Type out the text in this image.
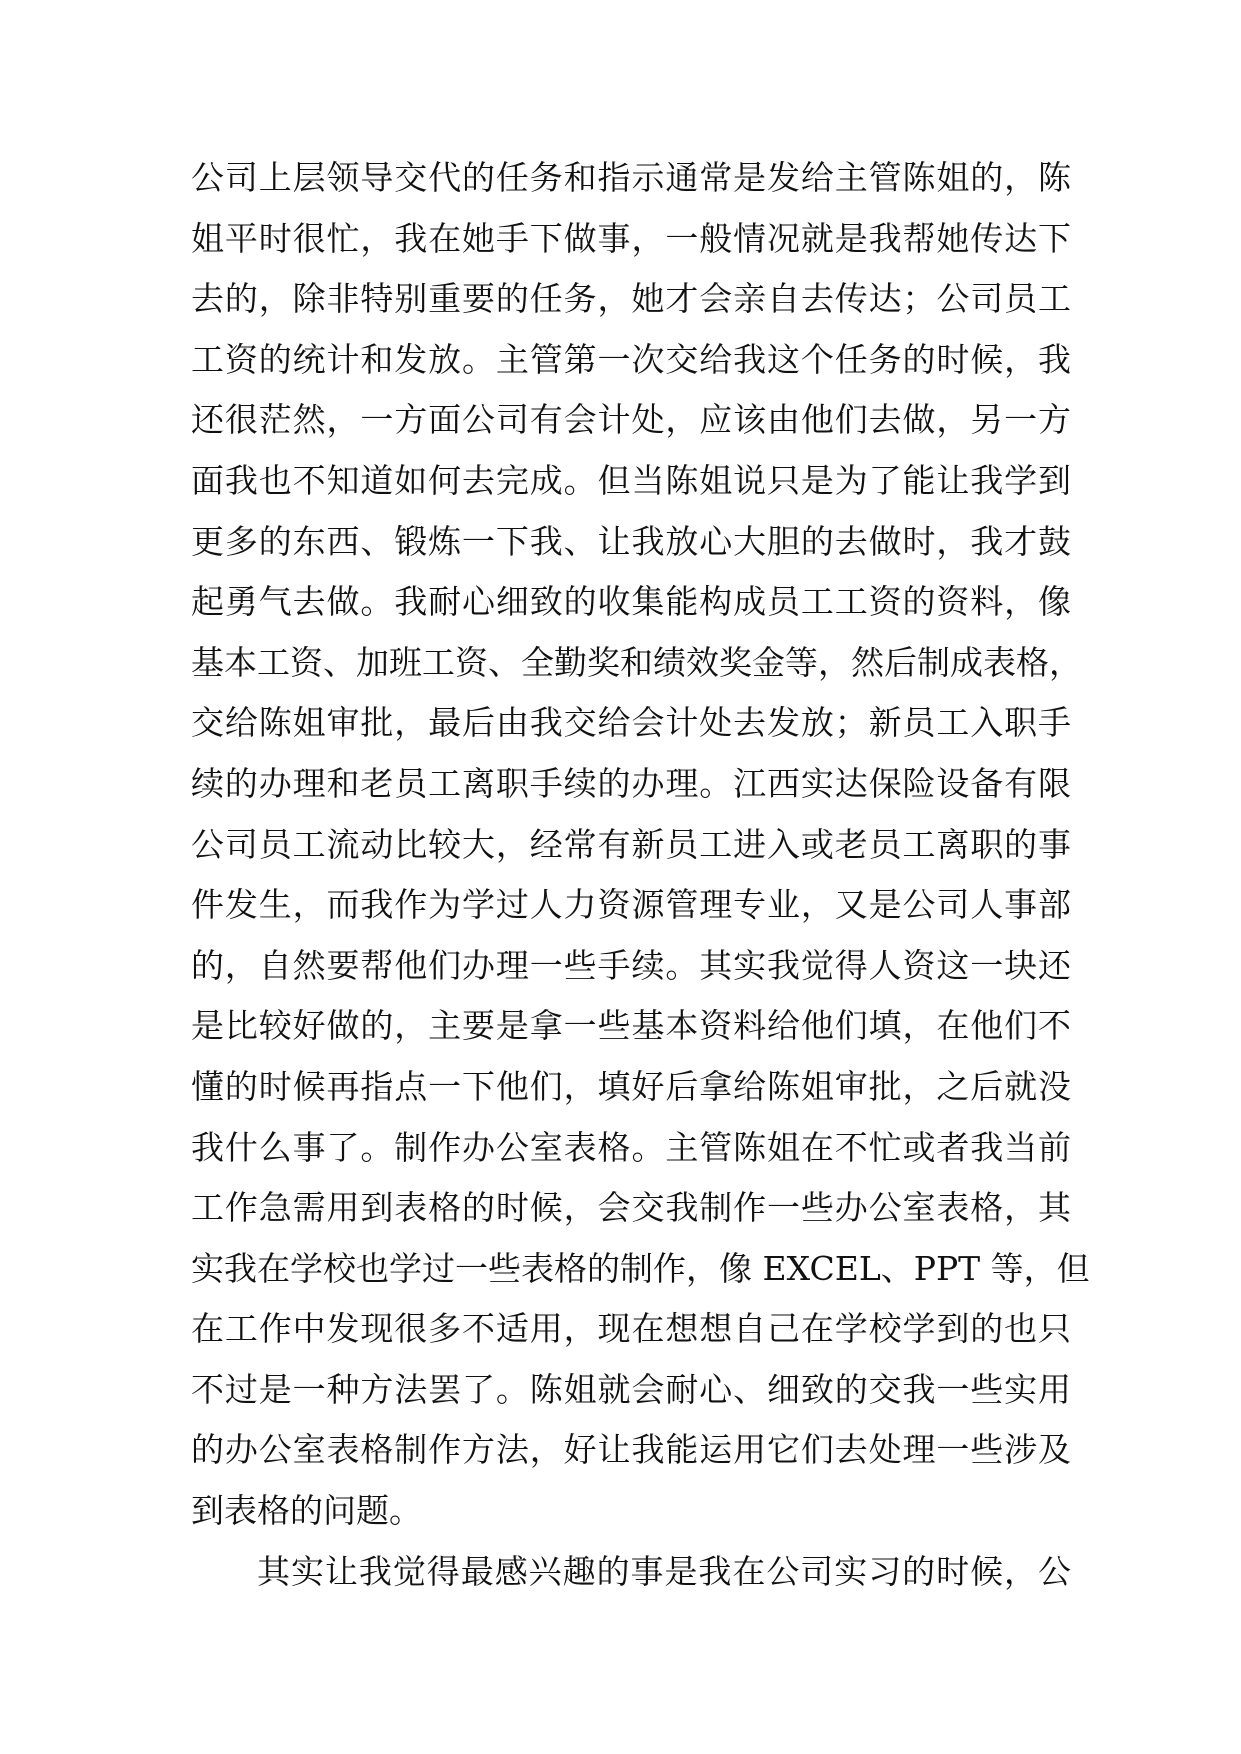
公司上层领导交代的任务和指示通常是发给主管陈姐的，陈
姐平时很忙，我在她手下做事，一般情况就是我帮她传达下
去的，除非特别重要的任务，她才会亲自去传达；公司员工
工资的统计和发放。主管第一次交给我这个任务的时候，我
还很茫然，一方面公司有会计处，应该由他们去做，另一方
面我也不知道如何去完成。但当陈姐说只是为了能让我学到
更多的东西、锻炼一下我、让我放心大胆的去做时，我才鼓
起勇气去做。我耐心细致的收集能构成员工工资的资料，像
基本工资、加班工资、全勤奖和绩效奖金等，然后制成表格，
交给陈姐审批，最后由我交给会计处去发放；新员工入职手
续的办理和老员工离职手续的办理。江西实达保险设备有限
公司员工流动比较大，经常有新员工进入或老员工离职的事
件发生，而我作为学过人力资源管理专业，又是公司人事部
的，自然要帮他们办理一些手续。其实我觉得人资这一块还
是比较好做的，主要是拿一些基本资料给他们填，在他们不
懂的时候再指点一下他们，填好后拿给陈姐审批，之后就没
我什么事了。制作办公室表格。主管陈姐在不忙或者我当前
工作急需用到表格的时候，会交我制作一些办公室表格，其
实我在学校也学过一些表格的制作，像 EXCEL、PPT 等，但
在工作中发现很多不适用，现在想想自己在学校学到的也只
不过是一种方法罢了。陈姐就会耐心、细致的交我一些实用
的办公室表格制作方法，好让我能运用它们去处理一些涉及
到表格的问题。
其实让我觉得最感兴趣的事是我在公司实习的时候，公
